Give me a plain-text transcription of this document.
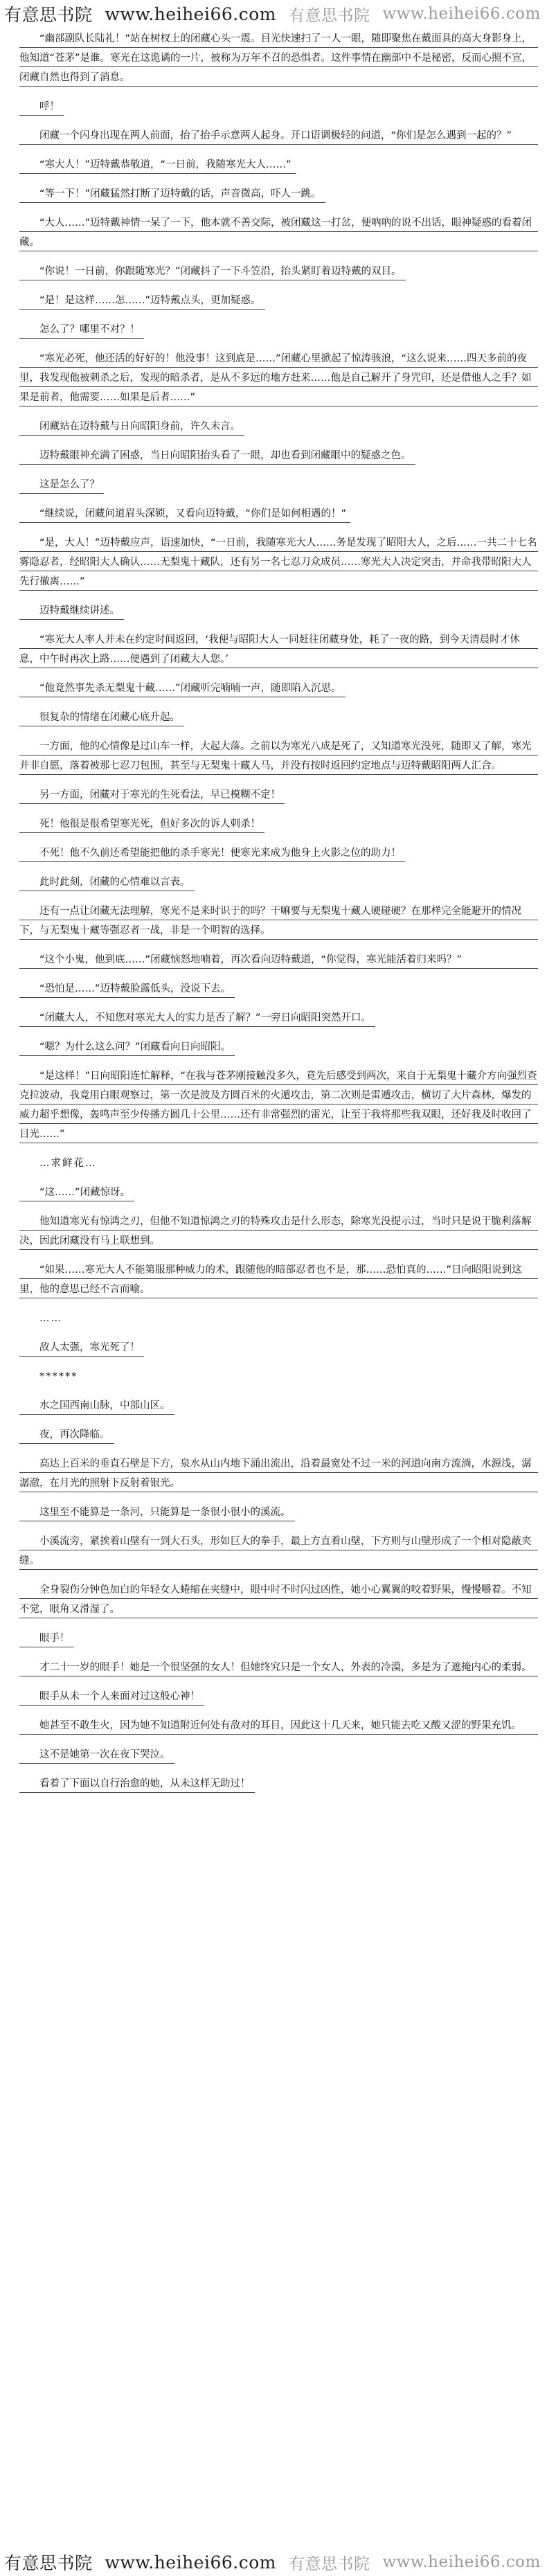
有意思书院 www.heihei66.com 有意思书院 www.heihei66.com

“幽部副队长陆礼！”站在树杈上的闭藏心头一震。目光快速扫了一人一眼，随即聚焦在戴面具的高大身影身上，他知道“苍茅”是谁。寒光在这诡谲的一片，被称为万年不召的恐惧者。这件事情在幽部中不是秘密，反而心照不宣，闭藏自然也得到了消息。

呼！

闭藏一个闪身出现在两人前面，抬了抬手示意两人起身。开口语调极轻的问道，“你们是怎么遇到一起的？”

“寒大人！”迈特戴恭敬道，“一日前，我随寒光大人……”

“等一下！”闭藏猛然打断了迈特戴的话，声音微高，吓人一跳。

“大人……”迈特戴神情一呆了一下，他本就不善交际，被闭藏这一打岔，便吶吶的说不出话，眼神疑惑的看着闭藏。

“你说！一日前，你跟随寒光？”闭藏抖了一下斗笠沿，抬头紧盯着迈特戴的双目。

“是！是这样……怎……”迈特戴点头，更加疑惑。

怎么了？哪里不对？！

“寒光必死，他还活的好好的！他没事！这到底是……”闭藏心里掀起了惊涛骇浪，“这么说来……四天多前的夜里，我发现他被刺杀之后，发现的暗杀者，是从不多远的地方赶来……他是自己解开了身咒印，还是借他人之手？如果是前者，他需要……如果是后者……”

闭藏站在迈特戴与日向昭阳身前，许久未言。

迈特戴眼神充满了困惑，当日向昭阳抬头看了一眼，却也看到闭藏眼中的疑惑之色。

这是怎么了？

“继续说，闭藏问道眉头深锁，又看向迈特戴，“你们是如何相遇的！”

“是，大人！”迈特戴应声，语速加快，“一日前，我随寒光大人……务是发现了昭阳大人，之后……一共二十七名雾隐忍者，经昭阳大人确认……无梨鬼十藏队，还有另一名七忍刀众成员……寒光大人决定突击，并命我带昭阳大人先行撤离……”

迈特戴继续讲述。

“寒光大人率人并未在约定时间返回，‘我便与昭阳大人一同赶往闭藏身处，耗了一夜的路，到今天清晨时才休息，中午时再次上路……便遇到了闭藏大人您。’

“他竟然事先杀无梨鬼十藏……”闭藏听完喃喃一声，随即陷入沉思。

很复杂的情绪在闭藏心底升起。

一方面，他的心情像是过山车一样，大起大落。之前以为寒光八成是死了，又知道寒光没死，随即又了解，寒光并非自愿，落着被那七忍刀包围，甚至与无梨鬼十藏人马，并没有按时返回约定地点与迈特戴昭阳两人汇合。

另一方面，闭藏对于寒光的生死看法，早已模糊不定！

死！他很是很希望寒光死，但好多次的诉人刺杀！

不死！他不久前还希望能把他的杀手寒光！便寒光来成为他身上火影之位的助力！

此时此刻，闭藏的心情难以言表。

还有一点让闭藏无法理解，寒光不是来时识于的吗？干嘛要与无梨鬼十藏人硬碰硬？在那样完全能避开的情况下，与无梨鬼十藏等强忍者一战，非是一个明智的选择。

“这个小鬼，他到底……”闭藏恼怒地喃着，再次看向迈特戴道，“你觉得，寒光能活着归来吗？”

“恐怕是……”迈特戴脸露低头，没说下去。

“闭藏大人，不知您对寒光大人的实力是否了解？”一旁日向昭阳突然开口。

“嗯？为什么这么问？”闭藏看向日向昭阳。

“是这样！”日向昭阳连忙解释，“在我与苍茅刚接触没多久，竟先后感受到两次，来自于无梨鬼十藏介方向强烈查克拉波动，我竟用白眼观察过，第一次是波及方圆百米的火遁攻击，第二次则是雷遁攻击，横切了大片森林，爆发的威力超乎想像，轰鸣声至少传播方圆几十公里……还有非常强烈的雷光，让至于我将那些我双眼，还好我及时收回了目光……”

…求鲜花…

“这……”闭藏惊讶。

他知道寒光有惊鸿之刃，但他不知道惊鸿之刃的特殊攻击是什么形态，除寒光没提示过，当时只是说干脆利落解决，因此闭藏没有马上联想到。

“如果……寒光大人不能第服那种威力的术，跟随他的暗部忍者也不是，那……恐怕真的……”日向昭阳说到这里，他的意思已经不言而喻。

……

敌人太强，寒光死了！

******

水之国西南山脉，中部山区。

夜，再次降临。

高达上百米的垂直石壁是下方，泉水从山内地下涌出流出，沿着最宽处不过一米的河道向南方流淌，水源浅，潺潺澈，在月光的照射下反射着银光。

这里至不能算是一条河，只能算是一条很小很小的溪流。

小溪流旁，紧挨着山壁有一到大石头，形如巨大的拳手，最上方直着山壁，下方则与山壁形成了一个相对隐蔽夹缝。

全身裂伤分钟色加白的年轻女人蜷缩在夹缝中，眼中时不时闪过凶性，她小心翼翼的咬着野果，慢慢嚼着。不知不觉，眼角又滑湿了。

眼手！

才二十一岁的眼手！她是一个很坚强的女人！但她终究只是一个女人，外表的冷漠，多是为了遮掩内心的柔弱。

眼手从未一个人来面对过这般心神！

她甚至不敢生火，因为她不知道附近何处有敌对的耳目，因此这十几天来，她只能去吃又酸又涩的野果充饥。

这不是她第一次在夜下哭泣。

看着了下面以自行治愈的她，从未这样无助过！

有意思书院 www.heihei66.com 有意思书院 www.heihei66.com
